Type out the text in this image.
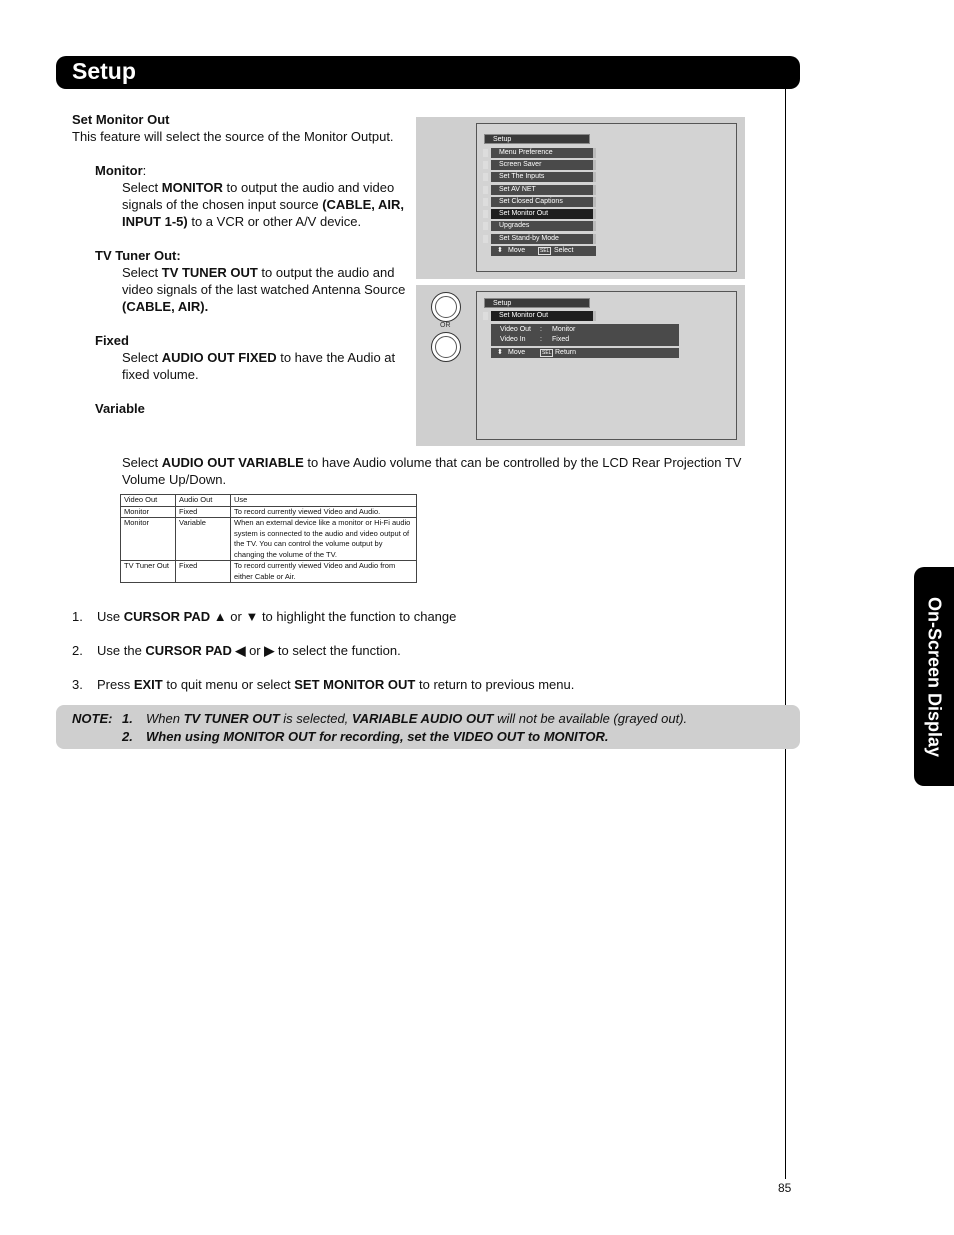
Setup
On-Screen Display

Set Monitor Out

This feature will select the source of the Monitor Output.

Monitor:

Select MONITOR to output the audio and video signals of the chosen input source (CABLE, AIR, INPUT 1-5) to a VCR or other A/V device.

TV Tuner Out:

Select TV TUNER OUT to output the audio and video signals of the last watched Antenna Source (CABLE, AIR).

Fixed

Select AUDIO OUT FIXED to have the Audio at fixed volume.

Variable

Select AUDIO OUT VARIABLE to have Audio volume that can be controlled by the LCD Rear Projection TV Volume Up/Down.
Setup
Menu Preference
Screen Saver
Set The Inputs
Set AV NET
Set Closed Captions
Set Monitor Out
Upgrades
Set Stand-by Mode
⬍ Move	SEL Select
OR
Setup
Set Monitor Out
Video Out : Monitor
Video In : Fixed
⬍ Move	SEL Return
Video Out	Audio Out	Use
Monitor	Fixed	To record currently viewed Video and Audio.
Monitor	Variable	When an external device like a monitor or Hi-Fi audio system is connected to the audio and video output of the TV. You can control the volume output by changing the volume of the TV.
TV Tuner Out	Fixed	To record currently viewed Video and Audio from either Cable or Air.
1. Use CURSOR PAD ▲ or ▼ to highlight the function to change
2. Use the CURSOR PAD ◀ or ▶ to select the function.
3. Press EXIT to quit menu or select SET MONITOR OUT to return to previous menu.
NOTE: 1. When TV TUNER OUT is selected, VARIABLE AUDIO OUT will not be available (grayed out).
2. When using MONITOR OUT for recording, set the VIDEO OUT to MONITOR.
85
